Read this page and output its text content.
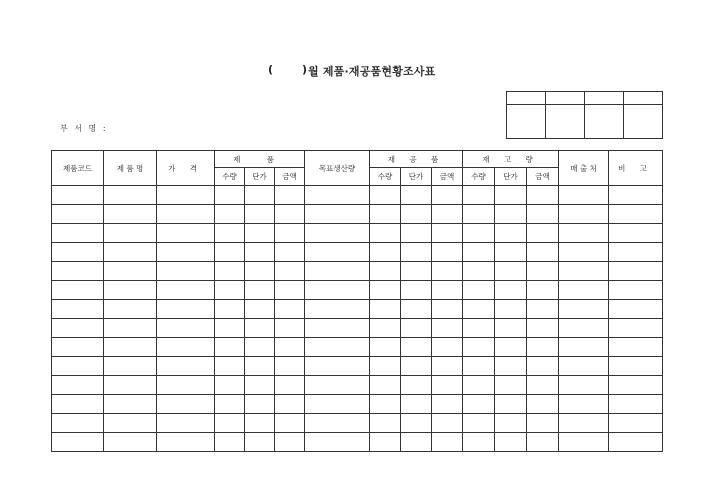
(	) 월 제품·재공품현황조사표
부 서 명 :

제품코드	제 품 명	가 격	제 품			목표생산량	재 공 품			재 고 량			매 출 처	비 고
			수량	단가	금액		수량	단가	금액	수량	단가	금액		
